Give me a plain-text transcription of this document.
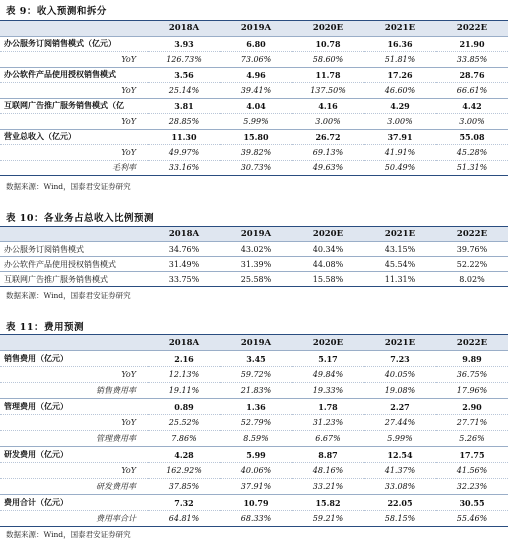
表 9：收入预测和拆分
	2018A	2019A	2020E	2021E	2022E
办公服务订阅销售模式（亿元）	3.93	6.80	10.78	16.36	21.90
YoY	126.73%	73.06%	58.60%	51.81%	33.85%
办公软件产品使用授权销售模式	3.56	4.96	11.78	17.26	28.76
YoY	25.14%	39.41%	137.50%	46.60%	66.61%
互联网广告推广服务销售模式（亿	3.81	4.04	4.16	4.29	4.42
YoY	28.85%	5.99%	3.00%	3.00%	3.00%
营业总收入（亿元）	11.30	15.80	26.72	37.91	55.08
YoY	49.97%	39.82%	69.13%	41.91%	45.28%
毛利率	33.16%	30.73%	49.63%	50.49%	51.31%
数据来源：Wind，国泰君安证券研究
表 10：各业务占总收入比例预测
	2018A	2019A	2020E	2021E	2022E
办公服务订阅销售模式	34.76%	43.02%	40.34%	43.15%	39.76%
办公软件产品使用授权销售模式	31.49%	31.39%	44.08%	45.54%	52.22%
互联网广告推广服务销售模式	33.75%	25.58%	15.58%	11.31%	8.02%
数据来源：Wind，国泰君安证券研究
表 11：费用预测
	2018A	2019A	2020E	2021E	2022E
销售费用（亿元）	2.16	3.45	5.17	7.23	9.89
YoY	12.13%	59.72%	49.84%	40.05%	36.75%
销售费用率	19.11%	21.83%	19.33%	19.08%	17.96%
管理费用（亿元）	0.89	1.36	1.78	2.27	2.90
YoY	25.52%	52.79%	31.23%	27.44%	27.71%
管理费用率	7.86%	8.59%	6.67%	5.99%	5.26%
研发费用（亿元）	4.28	5.99	8.87	12.54	17.75
YoY	162.92%	40.06%	48.16%	41.37%	41.56%
研发费用率	37.85%	37.91%	33.21%	33.08%	32.23%
费用合计（亿元）	7.32	10.79	15.82	22.05	30.55
费用率合计	64.81%	68.33%	59.21%	58.15%	55.46%
数据来源：Wind，国泰君安证券研究
